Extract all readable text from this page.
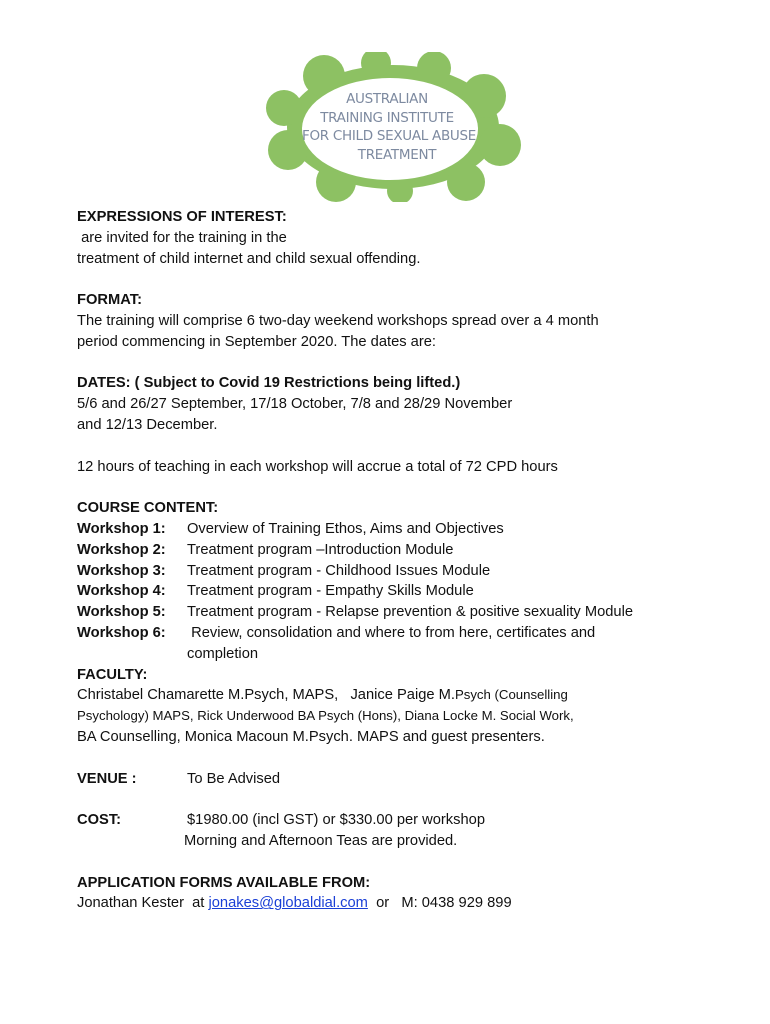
AUSTRALIAN
TRAINING INSTITUTE
FOR CHILD SEXUAL ABUSE
TREATMENT

EXPRESSIONS OF INTEREST:

are invited for the training in the

treatment of child internet and child sexual offending.

FORMAT:

The training will comprise 6 two-day weekend workshops spread over a 4 month

period commencing in September 2020. The dates are:

DATES: ( Subject to Covid 19 Restrictions being lifted.)

5/6 and 26/27 September, 17/18 October, 7/8 and 28/29 November

and 12/13 December.

12 hours of teaching in each workshop will accrue a total of 72 CPD hours

COURSE CONTENT:

Workshop 1:	Overview of Training Ethos, Aims and Objectives
Workshop 2:	Treatment program –Introduction Module
Workshop 3:	Treatment program - Childhood Issues Module
Workshop 4:	Treatment program - Empathy Skills Module
Workshop 5:	Treatment program - Relapse prevention & positive sexuality Module
Workshop 6:	Review, consolidation and where to from here, certificates and

completion

FACULTY:

Christabel Chamarette M.Psych, MAPS,   Janice Paige M.Psych (Counselling

Psychology) MAPS, Rick Underwood BA Psych (Hons), Diana Locke M. Social Work,

BA Counselling, Monica Macoun M.Psych. MAPS and guest presenters.

VENUE :	To Be Advised
COST:	$1980.00 (incl GST) or $330.00 per workshop

Morning and Afternoon Teas are provided.

APPLICATION FORMS AVAILABLE FROM:

Jonathan Kester  at jonakes@globaldial.com  or   M: 0438 929 899
